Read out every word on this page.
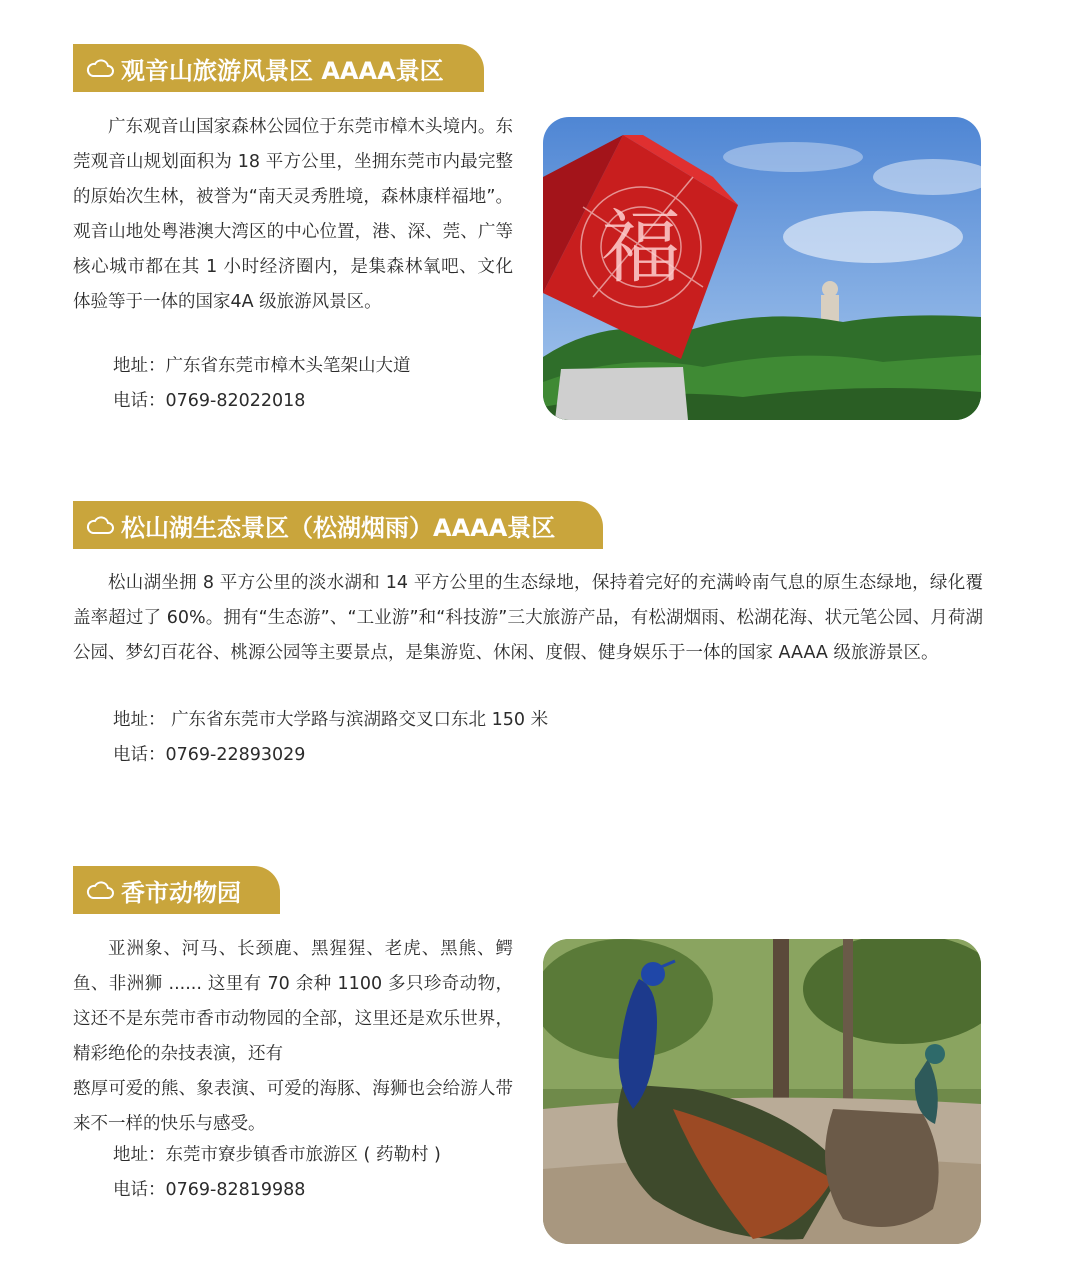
观音山旅游风景区 AAAA景区

广东观音山国家森林公园位于东莞市樟木头境内。东莞观音山规划面积为 18 平方公里，坐拥东莞市内最完整的原始次生林，被誉为“南天灵秀胜境，森林康样福地”。观音山地处粤港澳大湾区的中心位置，港、深、莞、广等核心城市都在其 1 小时经济圈内，是集森林氧吧、文化体验等于一体的国家4A 级旅游风景区。

地址：广东省东莞市樟木头笔架山大道
电话：0769-82022018
福
松山湖生态景区（松湖烟雨）AAAA景区

松山湖坐拥 8 平方公里的淡水湖和 14 平方公里的生态绿地，保持着完好的充满岭南气息的原生态绿地，绿化覆盖率超过了 60%。拥有“生态游”、“工业游”和“科技游”三大旅游产品，有松湖烟雨、松湖花海、状元笔公园、月荷湖公园、梦幻百花谷、桃源公园等主要景点，是集游览、休闲、度假、健身娱乐于一体的国家 AAAA 级旅游景区。

地址： 广东省东莞市大学路与滨湖路交叉口东北 150 米
电话：0769-22893029
香市动物园

亚洲象、河马、长颈鹿、黑猩猩、老虎、黑熊、鳄鱼、非洲狮 ...... 这里有 70 余种 1100 多只珍奇动物，这还不是东莞市香市动物园的全部，这里还是欢乐世界，精彩绝伦的杂技表演，还有

憨厚可爱的熊、象表演、可爱的海豚、海狮也会给游人带来不一样的快乐与感受。

地址：东莞市寮步镇香市旅游区 ( 药勒村 )
电话：0769-82819988
